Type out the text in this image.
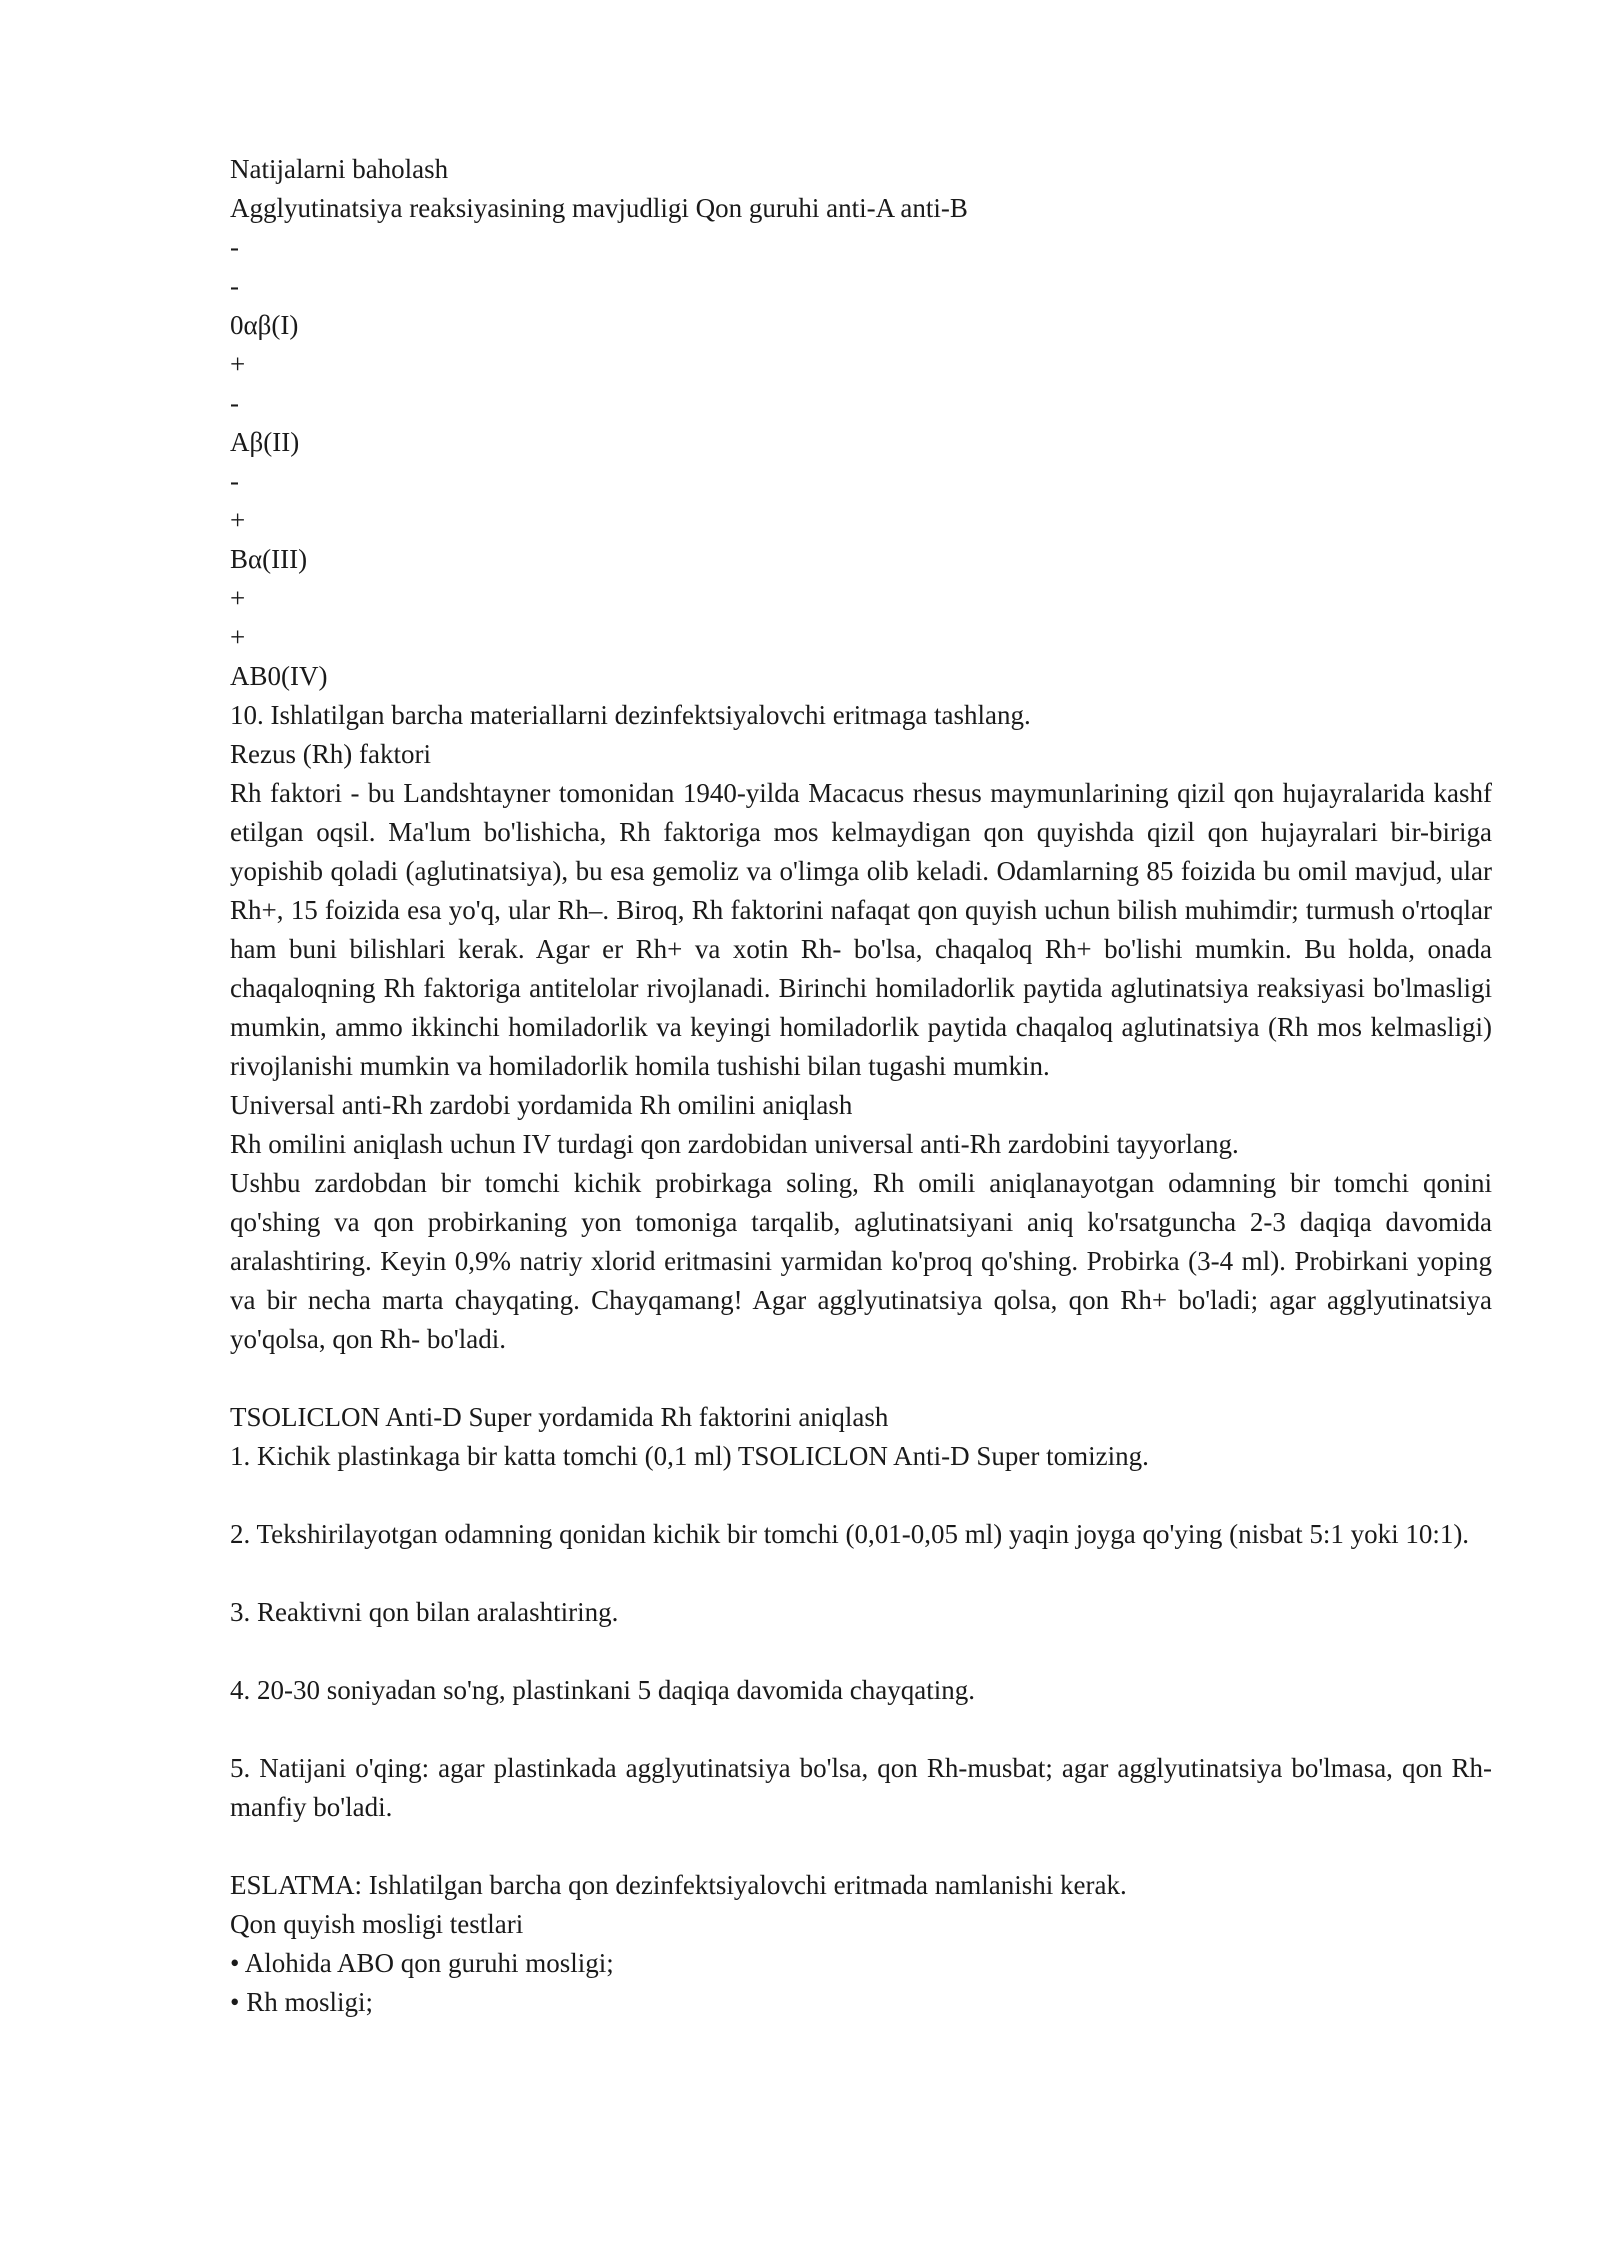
Natijalarni baholash
Agglyutinatsiya reaksiyasining mavjudligi Qon guruhi anti-A anti-B
-
-
0αβ(I)
+
-
Aβ(II)
-
+
Bα(III)
+
+
AB0(IV)
10. Ishlatilgan barcha materiallarni dezinfektsiyalovchi eritmaga tashlang.
Rezus (Rh) faktori
Rh faktori - bu Landshtayner tomonidan 1940-yilda Macacus rhesus maymunlarining qizil qon hujayralarida kashf etilgan oqsil. Ma'lum bo'lishicha, Rh faktoriga mos kelmaydigan qon quyishda qizil qon hujayralari bir-biriga yopishib qoladi (aglutinatsiya), bu esa gemoliz va o'limga olib keladi. Odamlarning 85 foizida bu omil mavjud, ular Rh+, 15 foizida esa yo'q, ular Rh–. Biroq, Rh faktorini nafaqat qon quyish uchun bilish muhimdir; turmush o'rtoqlar ham buni bilishlari kerak. Agar er Rh+ va xotin Rh- bo'lsa, chaqaloq Rh+ bo'lishi mumkin. Bu holda, onada chaqaloqning Rh faktoriga antitelolar rivojlanadi. Birinchi homiladorlik paytida aglutinatsiya reaksiyasi bo'lmasligi mumkin, ammo ikkinchi homiladorlik va keyingi homiladorlik paytida chaqaloq aglutinatsiya (Rh mos kelmasligi) rivojlanishi mumkin va homiladorlik homila tushishi bilan tugashi mumkin.
Universal anti-Rh zardobi yordamida Rh omilini aniqlash
Rh omilini aniqlash uchun IV turdagi qon zardobidan universal anti-Rh zardobini tayyorlang.
Ushbu zardobdan bir tomchi kichik probirkaga soling, Rh omili aniqlanayotgan odamning bir tomchi qonini qo'shing va qon probirkaning yon tomoniga tarqalib, aglutinatsiyani aniq ko'rsatguncha 2-3 daqiqa davomida aralashtiring. Keyin 0,9% natriy xlorid eritmasini yarmidan ko'proq qo'shing. Probirka (3-4 ml). Probirkani yoping va bir necha marta chayqating. Chayqamang! Agar agglyutinatsiya qolsa, qon Rh+ bo'ladi; agar agglyutinatsiya yo'qolsa, qon Rh- bo'ladi.
TSOLICLON Anti-D Super yordamida Rh faktorini aniqlash
1. Kichik plastinkaga bir katta tomchi (0,1 ml) TSOLICLON Anti-D Super tomizing.
2. Tekshirilayotgan odamning qonidan kichik bir tomchi (0,01-0,05 ml) yaqin joyga qo'ying (nisbat 5:1 yoki 10:1).
3. Reaktivni qon bilan aralashtiring.
4. 20-30 soniyadan so'ng, plastinkani 5 daqiqa davomida chayqating.
5. Natijani o'qing: agar plastinkada agglyutinatsiya bo'lsa, qon Rh-musbat; agar agglyutinatsiya bo'lmasa, qon Rh-manfiy bo'ladi.
ESLATMA: Ishlatilgan barcha qon dezinfektsiyalovchi eritmada namlanishi kerak.
Qon quyish mosligi testlari
• Alohida ABO qon guruhi mosligi;
• Rh mosligi;
